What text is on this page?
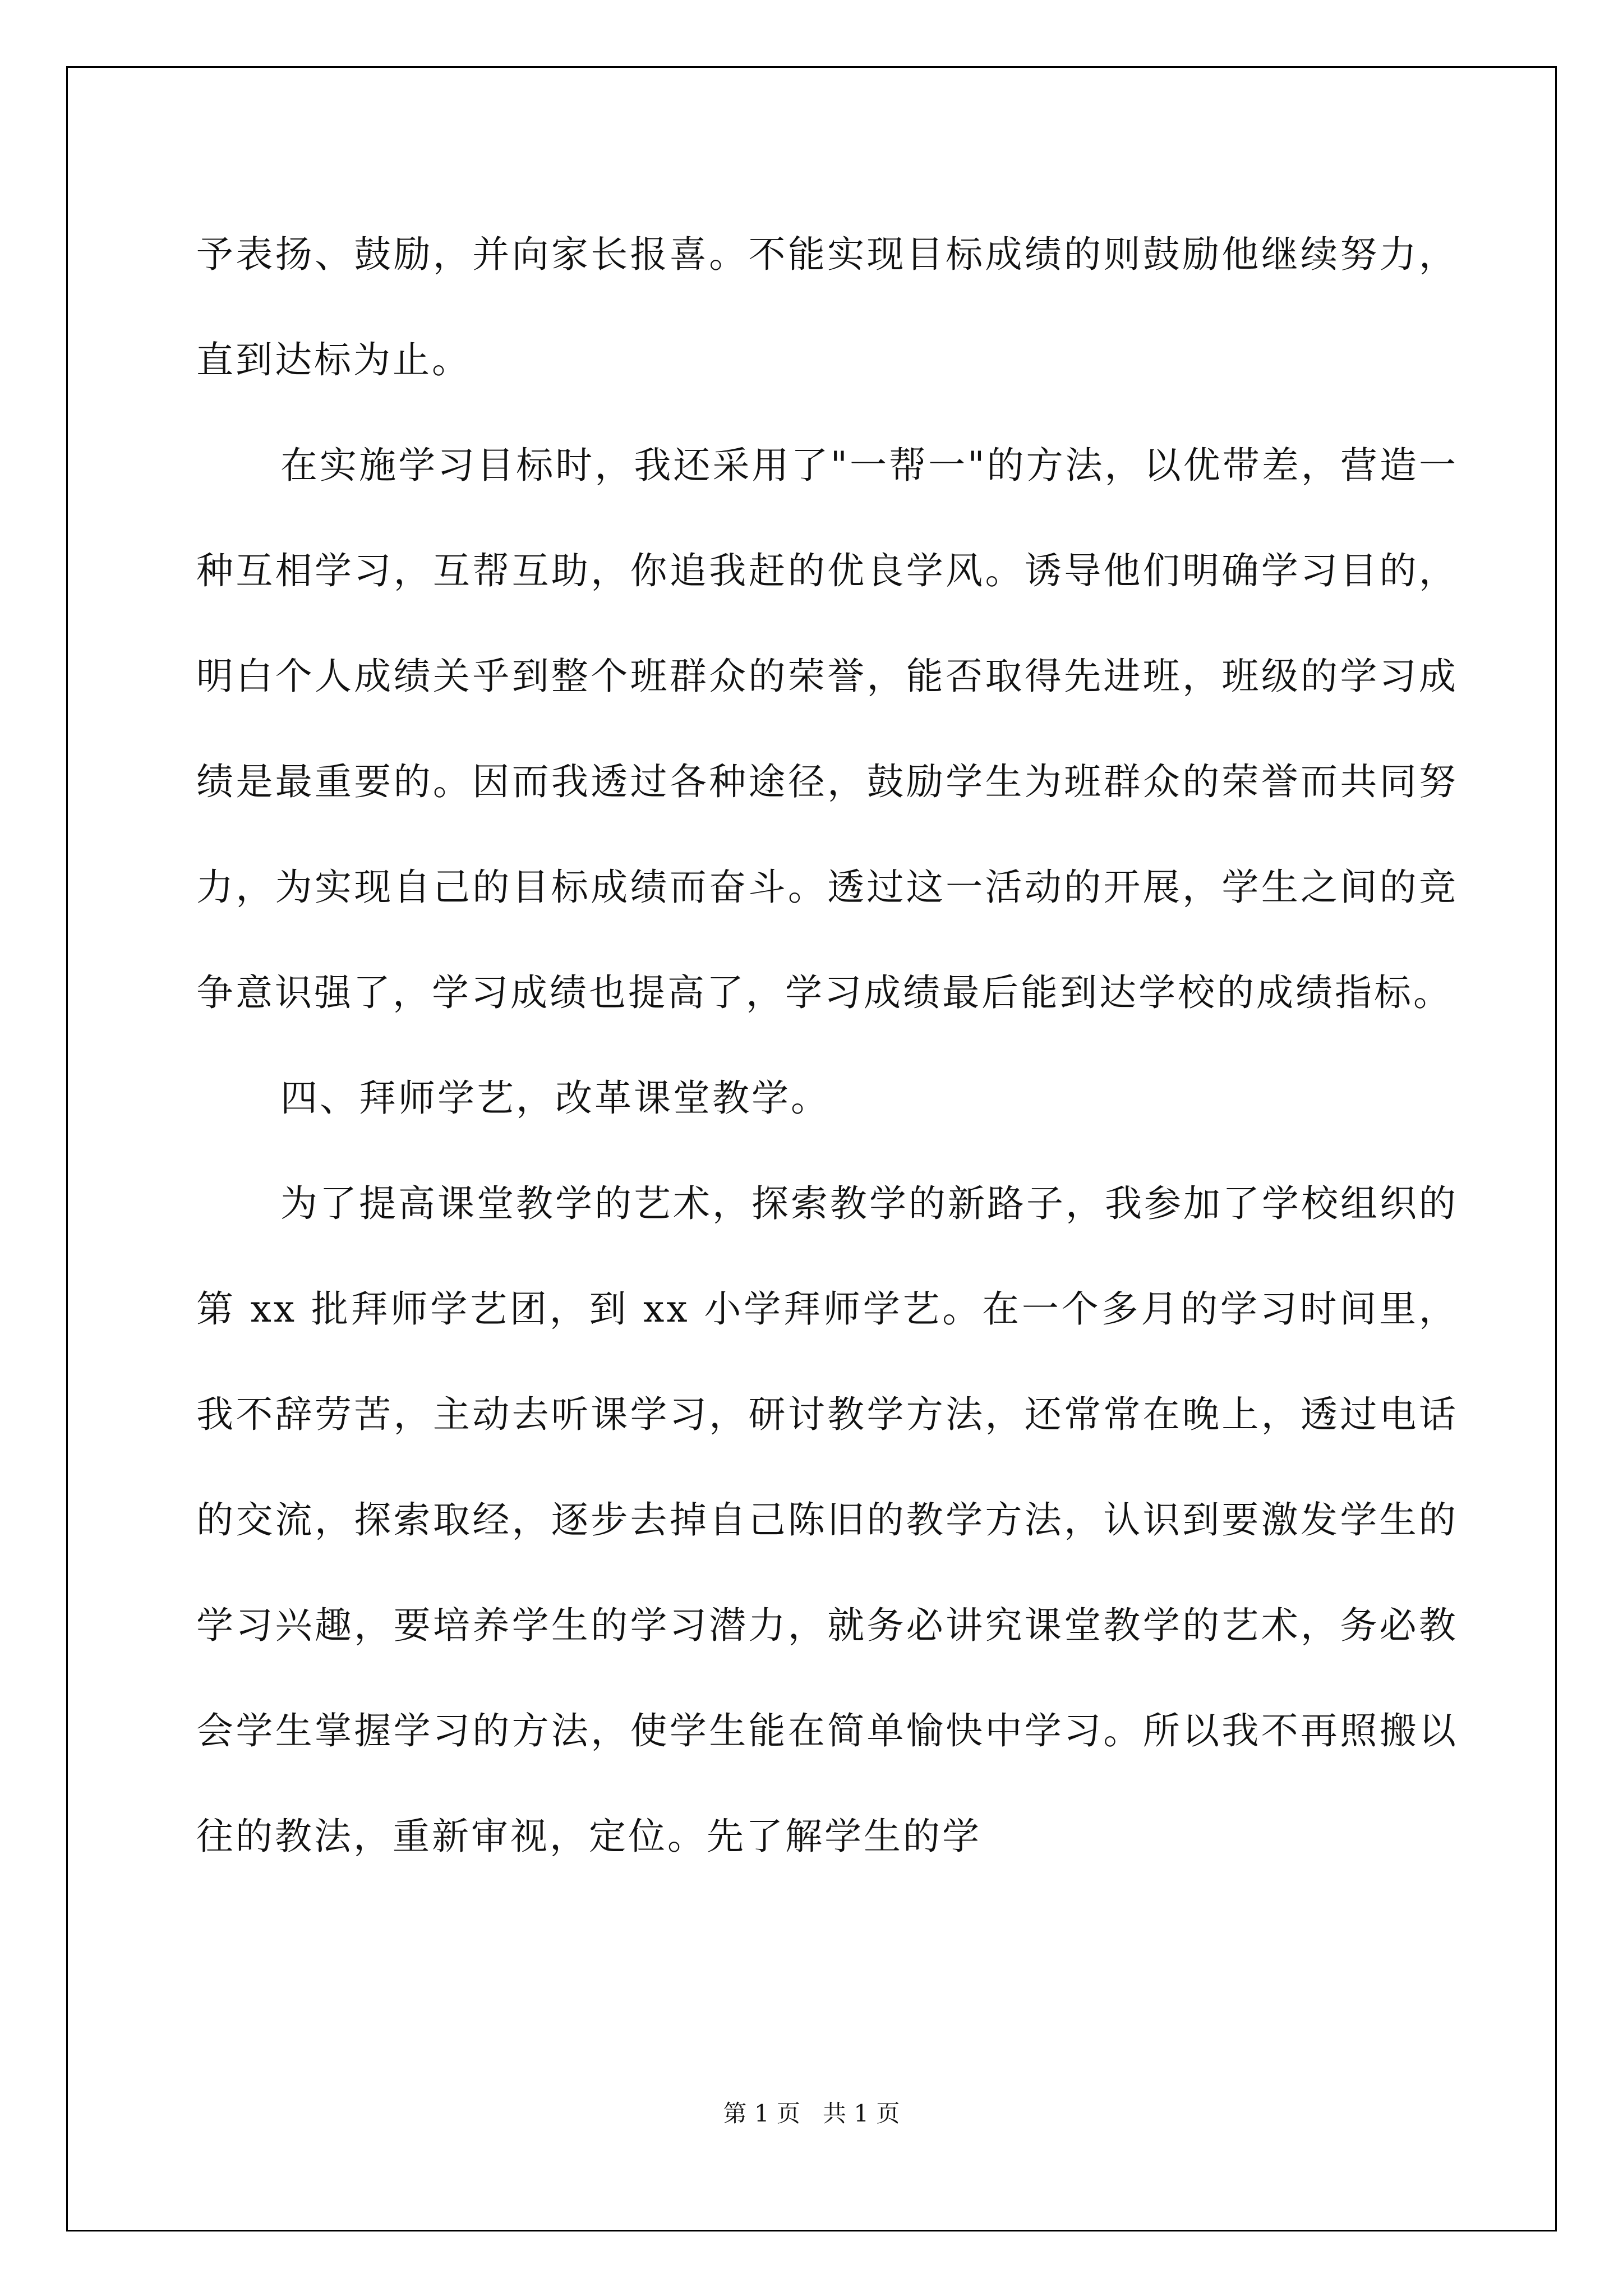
予表扬、鼓励，并向家长报喜。不能实现目标成绩的则鼓励他继续努力，直到达标为止。

在实施学习目标时，我还采用了"一帮一"的方法，以优带差，营造一种互相学习，互帮互助，你追我赶的优良学风。诱导他们明确学习目的，明白个人成绩关乎到整个班群众的荣誉，能否取得先进班，班级的学习成绩是最重要的。因而我透过各种途径，鼓励学生为班群众的荣誉而共同努力，为实现自己的目标成绩而奋斗。透过这一活动的开展，学生之间的竞争意识强了，学习成绩也提高了，学习成绩最后能到达学校的成绩指标。

四、拜师学艺，改革课堂教学。

为了提高课堂教学的艺术，探索教学的新路子，我参加了学校组织的第 xx 批拜师学艺团，到 xx 小学拜师学艺。在一个多月的学习时间里，我不辞劳苦，主动去听课学习，研讨教学方法，还常常在晚上，透过电话的交流，探索取经，逐步去掉自己陈旧的教学方法，认识到要激发学生的学习兴趣，要培养学生的学习潜力，就务必讲究课堂教学的艺术，务必教会学生掌握学习的方法，使学生能在简单愉快中学习。所以我不再照搬以往的教法，重新审视，定位。先了解学生的学

第 1 页   共 1 页
